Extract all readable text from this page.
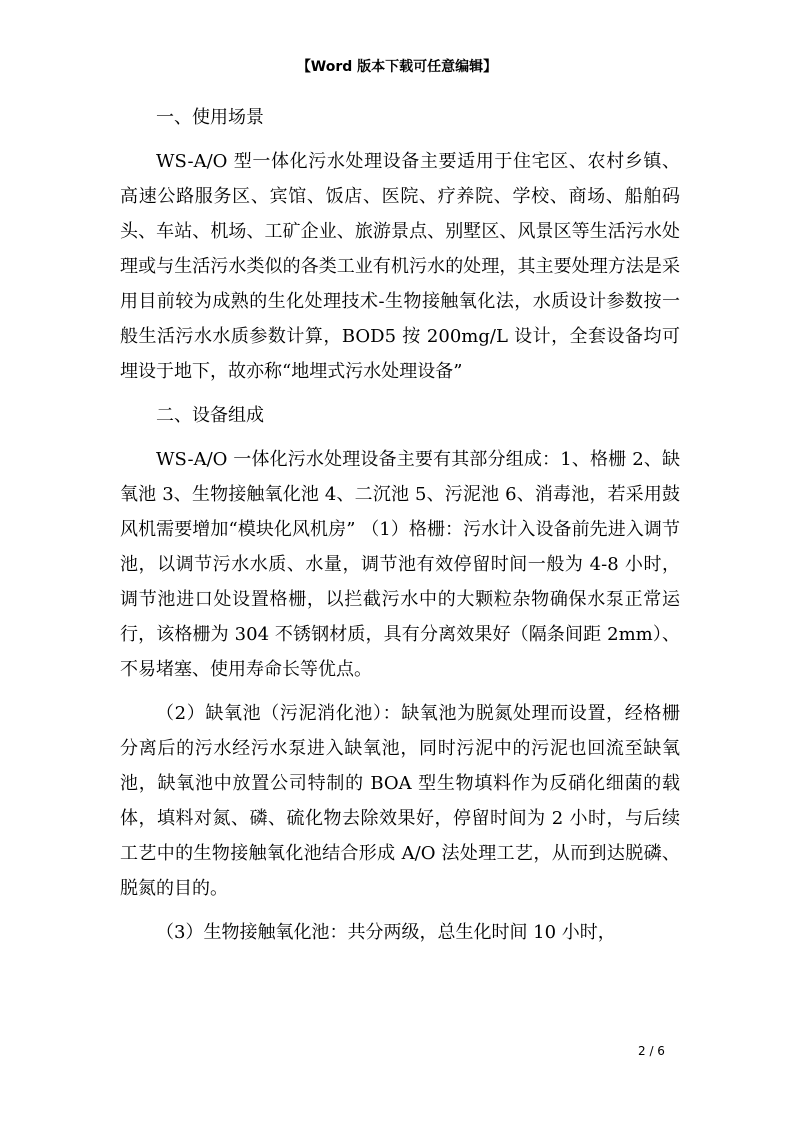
【Word 版本下载可任意编辑】

一、使用场景

WS-A/O 型一体化污水处理设备主要适用于住宅区、农村乡镇、高速公路服务区、宾馆、饭店、医院、疗养院、学校、商场、船舶码头、车站、机场、工矿企业、旅游景点、别墅区、风景区等生活污水处理或与生活污水类似的各类工业有机污水的处理，其主要处理方法是采用目前较为成熟的生化处理技术-生物接触氧化法，水质设计参数按一般生活污水水质参数计算，BOD5 按 200mg/L 设计，全套设备均可埋设于地下，故亦称“地埋式污水处理设备”

二、设备组成

WS-A/O 一体化污水处理设备主要有其部分组成：1、格栅 2、缺氧池 3、生物接触氧化池 4、二沉池 5、污泥池 6、消毒池，若采用鼓风机需要增加“模块化风机房” （1）格栅：污水计入设备前先进入调节池，以调节污水水质、水量，调节池有效停留时间一般为 4-8 小时，调节池进口处设置格栅，以拦截污水中的大颗粒杂物确保水泵正常运行，该格栅为 304 不锈钢材质，具有分离效果好（隔条间距 2mm）、不易堵塞、使用寿命长等优点。

（2）缺氧池（污泥消化池）：缺氧池为脱氮处理而设置，经格栅分离后的污水经污水泵进入缺氧池，同时污泥中的污泥也回流至缺氧池，缺氧池中放置公司特制的 BOA 型生物填料作为反硝化细菌的载体，填料对氮、磷、硫化物去除效果好，停留时间为 2 小时，与后续工艺中的生物接触氧化池结合形成 A/O 法处理工艺，从而到达脱磷、脱氮的目的。

（3）生物接触氧化池：共分两级，总生化时间 10 小时，

2 / 6
